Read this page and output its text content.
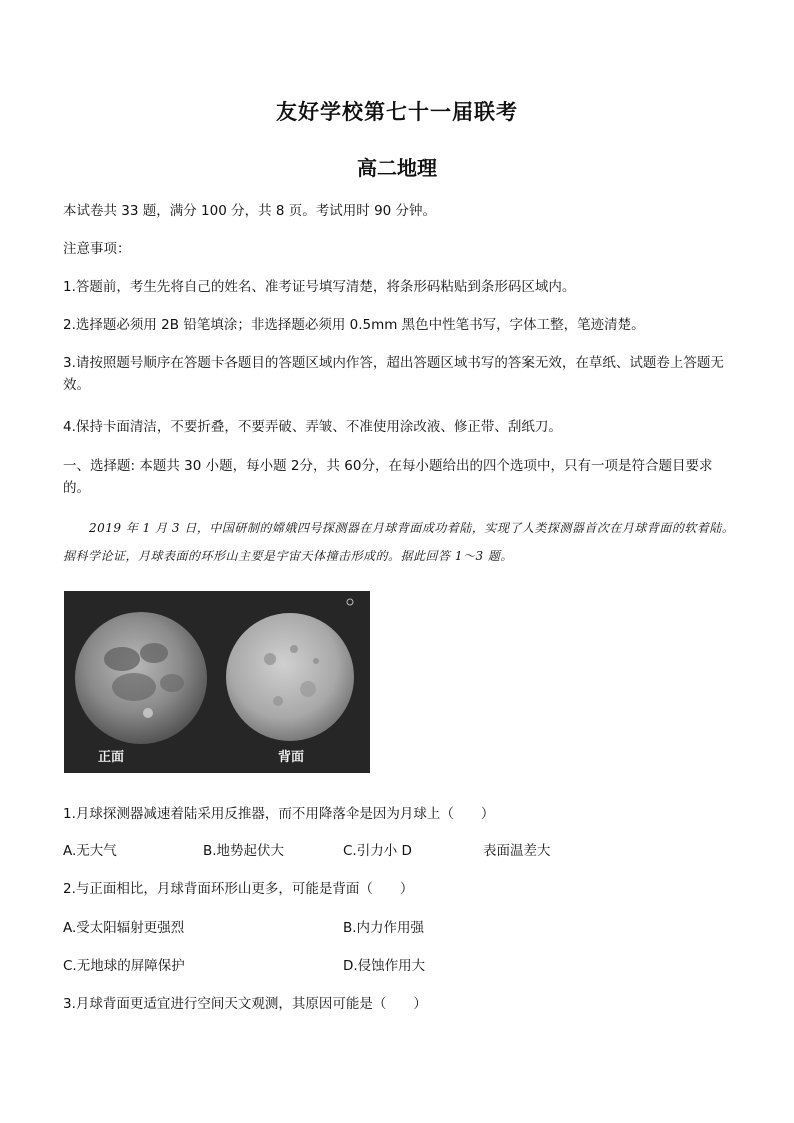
友好学校第七十一届联考
高二地理
本试卷共 33 题，满分 100 分，共 8 页。考试用时 90 分钟。
注意事项：
1.答题前，考生先将自己的姓名、准考证号填写清楚，将条形码粘贴到条形码区域内。
2.选择题必须用 2B 铅笔填涂；非选择题必须用 0.5mm 黑色中性笔书写，字体工整，笔迹清楚。
3.请按照题号顺序在答题卡各题目的答题区域内作答，超出答题区域书写的答案无效，在草纸、试题卷上答题无效。
4.保持卡面清洁，不要折叠，不要弄破、弄皱、不准使用涂改液、修正带、刮纸刀。
一、选择题: 本题共 30 小题，每小题 2分，共 60分，在每小题给出的四个选项中，只有一项是符合题目要求的。
2019 年 1 月 3 日，中国研制的嫦娥四号探测器在月球背面成功着陆，实现了人类探测器首次在月球背面的软着陆。据科学论证，月球表面的环形山主要是宇宙天体撞击形成的。据此回答 1～3 题。
正面	背面
1.月球探测器减速着陆采用反推器，而不用降落伞是因为月球上（　　）
A.无大气	B.地势起伏大	C.引力小 D	表面温差大
2.与正面相比，月球背面环形山更多，可能是背面（　　）
A.受太阳辐射更强烈	B.内力作用强
C.无地球的屏障保护	D.侵蚀作用大
3.月球背面更适宜进行空间天文观测，其原因可能是（　　）
